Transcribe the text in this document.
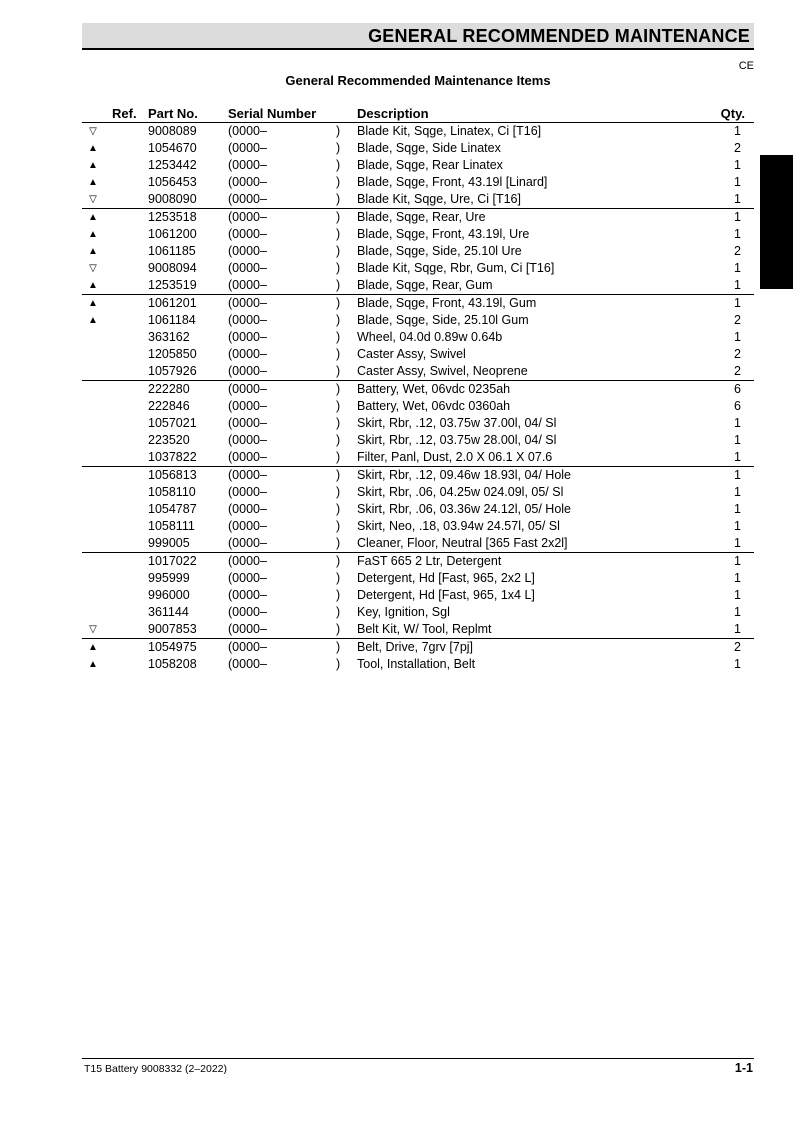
GENERAL RECOMMENDED MAINTENANCE
CE
General Recommended Maintenance Items
Ref. Part No. Serial Number	Description	Qty.
▽	9008089	(0000–	) Blade Kit, Sqge, Linatex, Ci [T16]	1
▲	1054670	(0000–	) Blade, Sqge, Side Linatex	2
▲	1253442	(0000–	) Blade, Sqge, Rear Linatex	1
▲	1056453	(0000–	) Blade, Sqge, Front, 43.19l [Linard]	1
▽	9008090	(0000–	) Blade Kit, Sqge, Ure, Ci [T16]	1
▲	1253518	(0000–	) Blade, Sqge, Rear, Ure	1
▲	1061200	(0000–	) Blade, Sqge, Front, 43.19l, Ure	1
▲	1061185	(0000–	) Blade, Sqge, Side, 25.10l Ure	2
▽	9008094	(0000–	) Blade Kit, Sqge, Rbr, Gum, Ci [T16]	1
▲	1253519	(0000–	) Blade, Sqge, Rear, Gum	1
▲	1061201	(0000–	) Blade, Sqge, Front, 43.19l, Gum	1
▲	1061184	(0000–	) Blade, Sqge, Side, 25.10l Gum	2
363162	(0000–	) Wheel, 04.0d 0.89w 0.64b	1
1205850	(0000–	) Caster Assy, Swivel	2
1057926	(0000–	) Caster Assy, Swivel, Neoprene	2
222280	(0000–	) Battery, Wet, 06vdc 0235ah	6
222846	(0000–	) Battery, Wet, 06vdc 0360ah	6
1057021	(0000–	) Skirt, Rbr, .12, 03.75w 37.00l, 04/ Sl	1
223520	(0000–	) Skirt, Rbr, .12, 03.75w 28.00l, 04/ Sl	1
1037822	(0000–	) Filter, Panl, Dust, 2.0 X 06.1 X 07.6	1
1056813	(0000–	) Skirt, Rbr, .12, 09.46w 18.93l, 04/ Hole	1
1058110	(0000–	) Skirt, Rbr, .06, 04.25w 024.09l, 05/ Sl	1
1054787	(0000–	) Skirt, Rbr, .06, 03.36w 24.12l, 05/ Hole	1
1058111	(0000–	) Skirt, Neo, .18, 03.94w 24.57l, 05/ Sl	1
999005	(0000–	) Cleaner, Floor, Neutral [365 Fast 2x2l]	1
1017022	(0000–	) FaST 665 2 Ltr, Detergent	1
995999	(0000–	) Detergent, Hd [Fast, 965, 2x2 L]	1
996000	(0000–	) Detergent, Hd [Fast, 965, 1x4 L]	1
361144	(0000–	) Key, Ignition, Sgl	1
▽	9007853	(0000–	) Belt Kit, W/ Tool, Replmt	1
▲	1054975	(0000–	) Belt, Drive, 7grv [7pj]	2
▲	1058208	(0000–	) Tool, Installation, Belt	1
T15 Battery 9008332 (2–2022)	1-1
